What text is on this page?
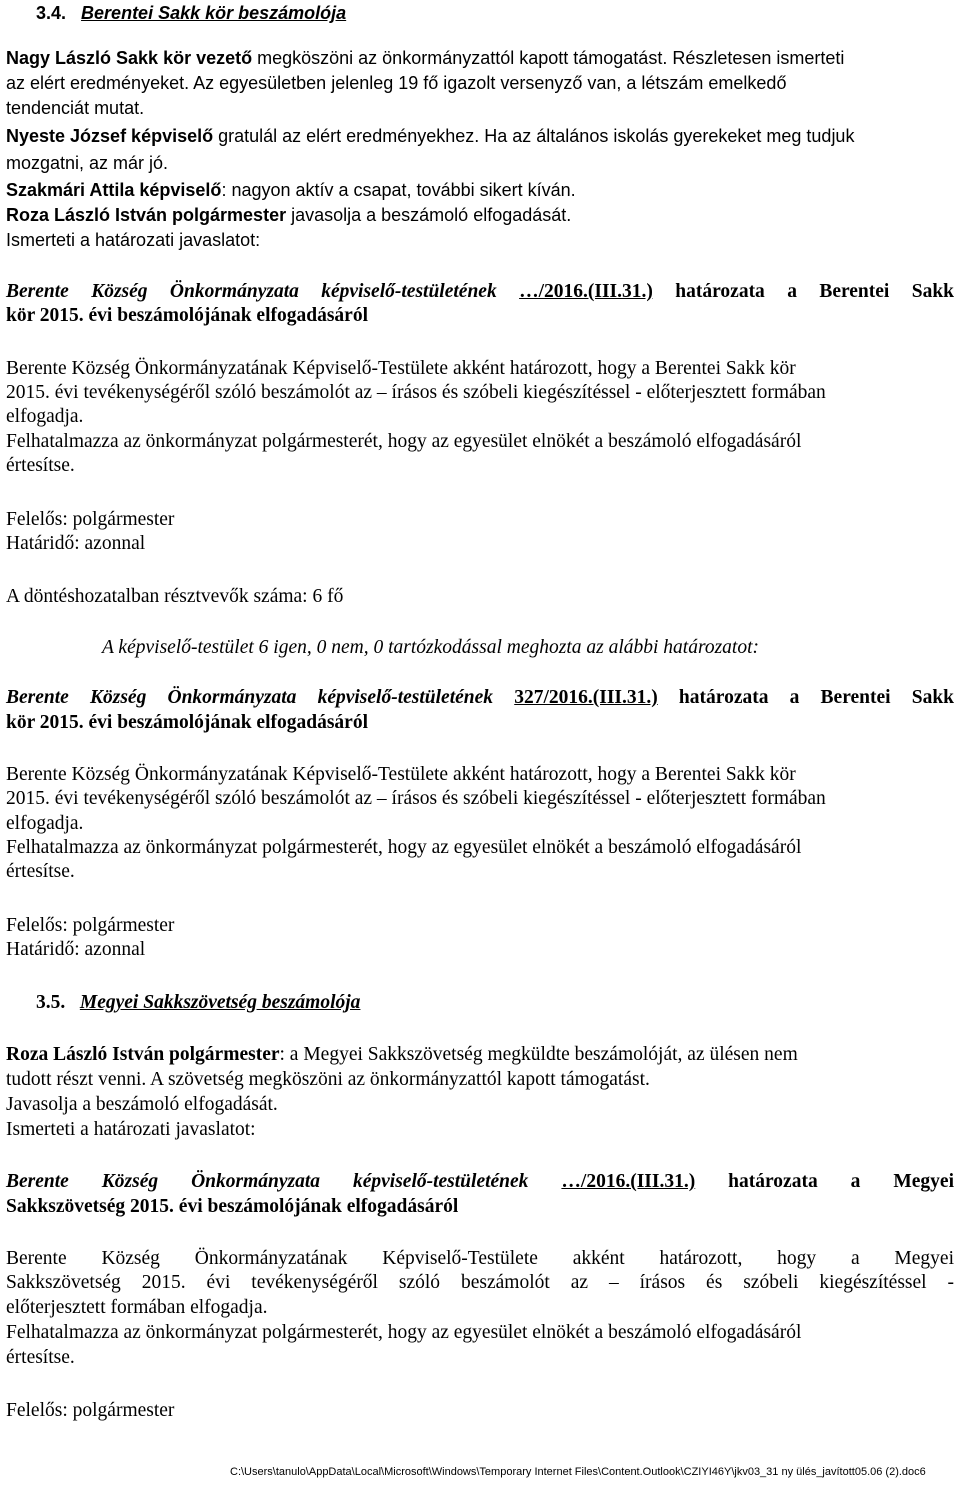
3.4. Berentei Sakk kör beszámolója
Nagy László Sakk kör vezető megköszöni az önkormányzattól kapott támogatást. Részletesen ismerteti
az elért eredményeket. Az egyesületben jelenleg 19 fő igazolt versenyző van, a létszám emelkedő
tendenciát mutat.
Nyeste József képviselő gratulál az elért eredményekhez. Ha az általános iskolás gyerekeket meg tudjuk
mozgatni, az már jó.
Szakmári Attila képviselő: nagyon aktív a csapat, további sikert kíván.
Roza László István polgármester javasolja a beszámoló elfogadását.
Ismerteti a határozati javaslatot:
Berente Község Önkormányzata képviselő-testületének …/2016.(III.31.) határozata a Berentei Sakk
kör 2015. évi beszámolójának elfogadásáról
Berente Község Önkormányzatának Képviselő-Testülete akként határozott, hogy a Berentei Sakk kör
2015. évi tevékenységéről szóló beszámolót az – írásos és szóbeli kiegészítéssel - előterjesztett formában
elfogadja.
Felhatalmazza az önkormányzat polgármesterét, hogy az egyesület elnökét a beszámoló elfogadásáról
értesítse.
Felelős: polgármester
Határidő: azonnal
A döntéshozatalban résztvevők száma: 6 fő
A képviselő-testület 6 igen, 0 nem, 0 tartózkodással meghozta az alábbi határozatot:
Berente Község Önkormányzata képviselő-testületének 327/2016.(III.31.) határozata a Berentei Sakk
kör 2015. évi beszámolójának elfogadásáról
Berente Község Önkormányzatának Képviselő-Testülete akként határozott, hogy a Berentei Sakk kör
2015. évi tevékenységéről szóló beszámolót az – írásos és szóbeli kiegészítéssel - előterjesztett formában
elfogadja.
Felhatalmazza az önkormányzat polgármesterét, hogy az egyesület elnökét a beszámoló elfogadásáról
értesítse.
Felelős: polgármester
Határidő: azonnal
3.5. Megyei Sakkszövetség beszámolója
Roza László István polgármester: a Megyei Sakkszövetség megküldte beszámolóját, az ülésen nem
tudott részt venni. A szövetség megköszöni az önkormányzattól kapott támogatást.
Javasolja a beszámoló elfogadását.
Ismerteti a határozati javaslatot:
Berente Község Önkormányzata képviselő-testületének …/2016.(III.31.) határozata a Megyei
Sakkszövetség 2015. évi beszámolójának elfogadásáról
Berente Község Önkormányzatának Képviselő-Testülete akként határozott, hogy a Megyei
Sakkszövetség 2015. évi tevékenységéről szóló beszámolót az – írásos és szóbeli kiegészítéssel -
előterjesztett formában elfogadja.
Felhatalmazza az önkormányzat polgármesterét, hogy az egyesület elnökét a beszámoló elfogadásáról
értesítse.
Felelős: polgármester
C:\Users\tanulo\AppData\Local\Microsoft\Windows\Temporary Internet Files\Content.Outlook\CZIYI46Y\jkv03_31 ny ülés_javított05.06 (2).doc6
